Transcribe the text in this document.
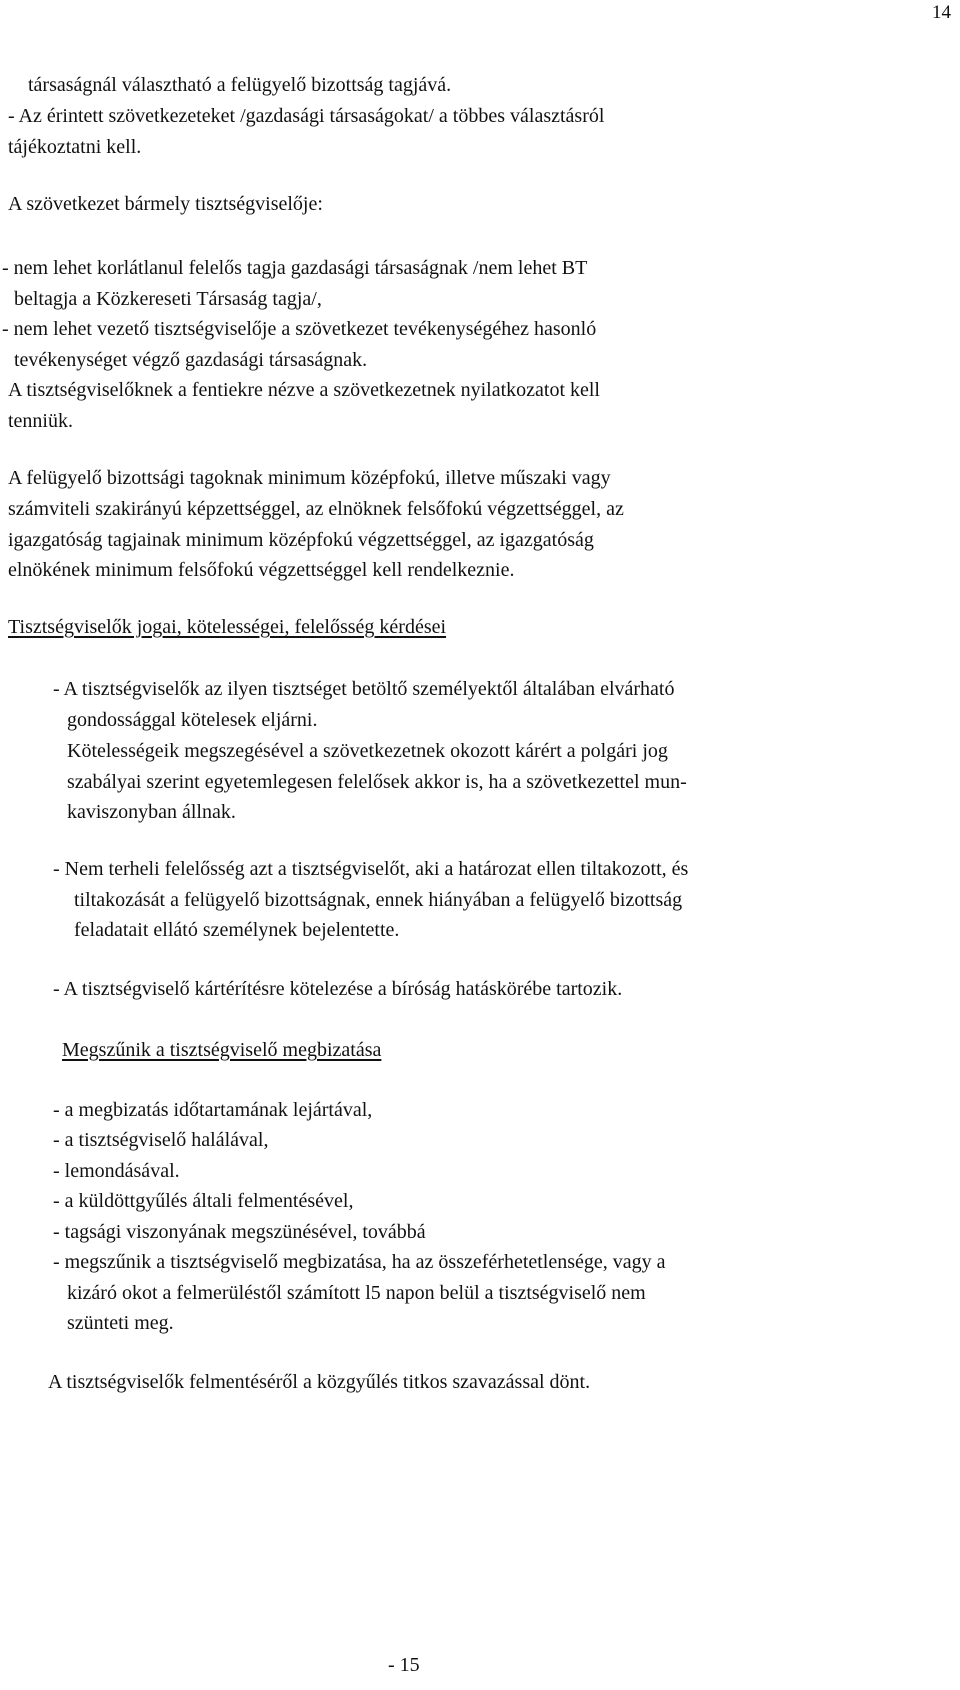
14
társaságnál választható a felügyelő bizottság tagjává.
- Az érintett szövetkezeteket /gazdasági társaságokat/ a többes választásról
tájékoztatni kell.
A szövetkezet bármely tisztségviselője:
- nem lehet korlátlanul felelős tagja gazdasági társaságnak /nem lehet BT
beltagja a Közkereseti Társaság tagja/,
- nem lehet vezető tisztségviselője a szövetkezet tevékenységéhez hasonló
tevékenységet végző gazdasági társaságnak.
A tisztségviselőknek a fentiekre nézve a szövetkezetnek nyilatkozatot kell
tenniük.
A felügyelő bizottsági tagoknak minimum középfokú, illetve műszaki vagy
számviteli szakirányú képzettséggel, az elnöknek felsőfokú végzettséggel, az
igazgatóság tagjainak minimum középfokú végzettséggel, az igazgatóság
elnökének minimum felsőfokú végzettséggel kell rendelkeznie.
Tisztségviselők jogai, kötelességei, felelősség kérdései
- A tisztségviselők az ilyen tisztséget betöltő személyektől általában elvárható
gondossággal kötelesek eljárni.
Kötelességeik megszegésével a szövetkezetnek okozott kárért a polgári jog
szabályai szerint egyetemlegesen felelősek akkor is, ha a szövetkezettel mun-
kaviszonyban állnak.
- Nem terheli felelősség azt a tisztségviselőt, aki a határozat ellen tiltakozott, és
tiltakozását a felügyelő bizottságnak, ennek hiányában a felügyelő bizottság
feladatait ellátó személynek bejelentette.
- A tisztségviselő kártérítésre kötelezése a bíróság hatáskörébe tartozik.
Megszűnik a tisztségviselő megbizatása
- a megbizatás időtartamának lejártával,
- a tisztségviselő halálával,
- lemondásával.
- a küldöttgyűlés általi felmentésével,
- tagsági viszonyának megszünésével, továbbá
- megszűnik a tisztségviselő megbizatása, ha az összeférhetetlensége, vagy a
kizáró okot a felmerüléstől számított l5 napon belül a tisztségviselő nem
szünteti meg.
A tisztségviselők felmentéséről a közgyűlés titkos szavazással dönt.
- 15
